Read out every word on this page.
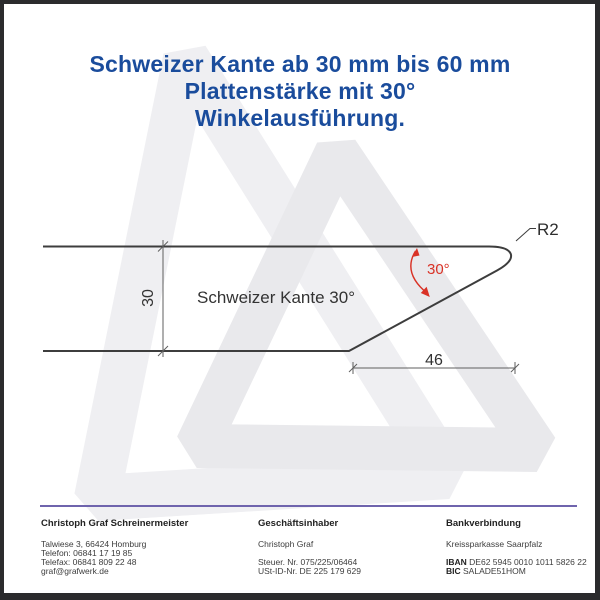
Schweizer Kante ab 30 mm bis 60 mm
Plattenstärke mit 30°
Winkelausführung.
Schweizer Kante 30°
30
46
R2
30°
Christoph Graf Schreinermeister
Talwiese 3, 66424 Homburg
Telefon: 06841 17 19 85
Telefax: 06841 809 22 48
graf@grafwerk.de
Geschäftsinhaber
Christoph Graf
Steuer. Nr. 075/225/06464
USt-ID-Nr. DE 225 179 629
Bankverbindung
Kreissparkasse Saarpfalz
IBAN DE62 5945 0010 1011 5826 22
BIC SALADE51HOM
